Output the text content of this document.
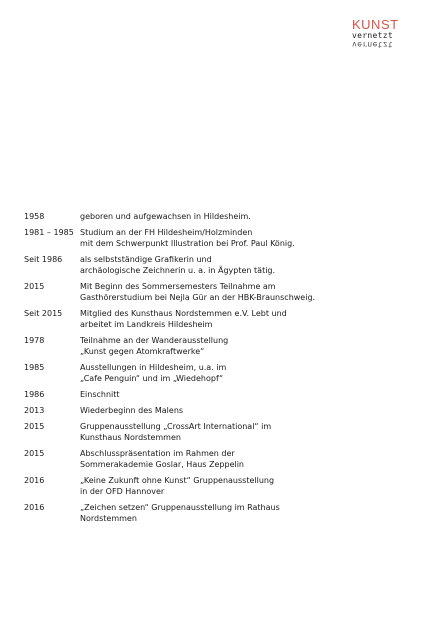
KUNST
vernetzt
vernetzt
1958	geboren und aufgewachsen in Hildesheim.
1981 – 1985 Studium an der FH Hildesheim/Holzminden
mit dem Schwerpunkt Illustration bei Prof. Paul König.
Seit 1986	als selbstständige Grafikerin und
archäologische Zeichnerin u. a. in Ägypten tätig.
2015	Mit Beginn des Sommersemesters Teilnahme am
Gasthörerstudium bei Nejla Gür an der HBK-Braunschweig.
Seit 2015	Mitglied des Kunsthaus Nordstemmen e.V. Lebt und
arbeitet im Landkreis Hildesheim
1978	Teilnahme an der Wanderausstellung
„Kunst gegen Atomkraftwerke“
1985	Ausstellungen in Hildesheim, u.a. im
„Cafe Penguin“ und im „Wiedehopf“
1986	Einschnitt
2013	Wiederbeginn des Malens
2015	Gruppenausstellung „CrossArt International“ im
Kunsthaus Nordstemmen
2015	Abschlusspräsentation im Rahmen der
Sommerakademie Goslar, Haus Zeppelin
2016	„Keine Zukunft ohne Kunst“ Gruppenausstellung
in der OFD Hannover
2016	„Zeichen setzen“ Gruppenausstellung im Rathaus
Nordstemmen
